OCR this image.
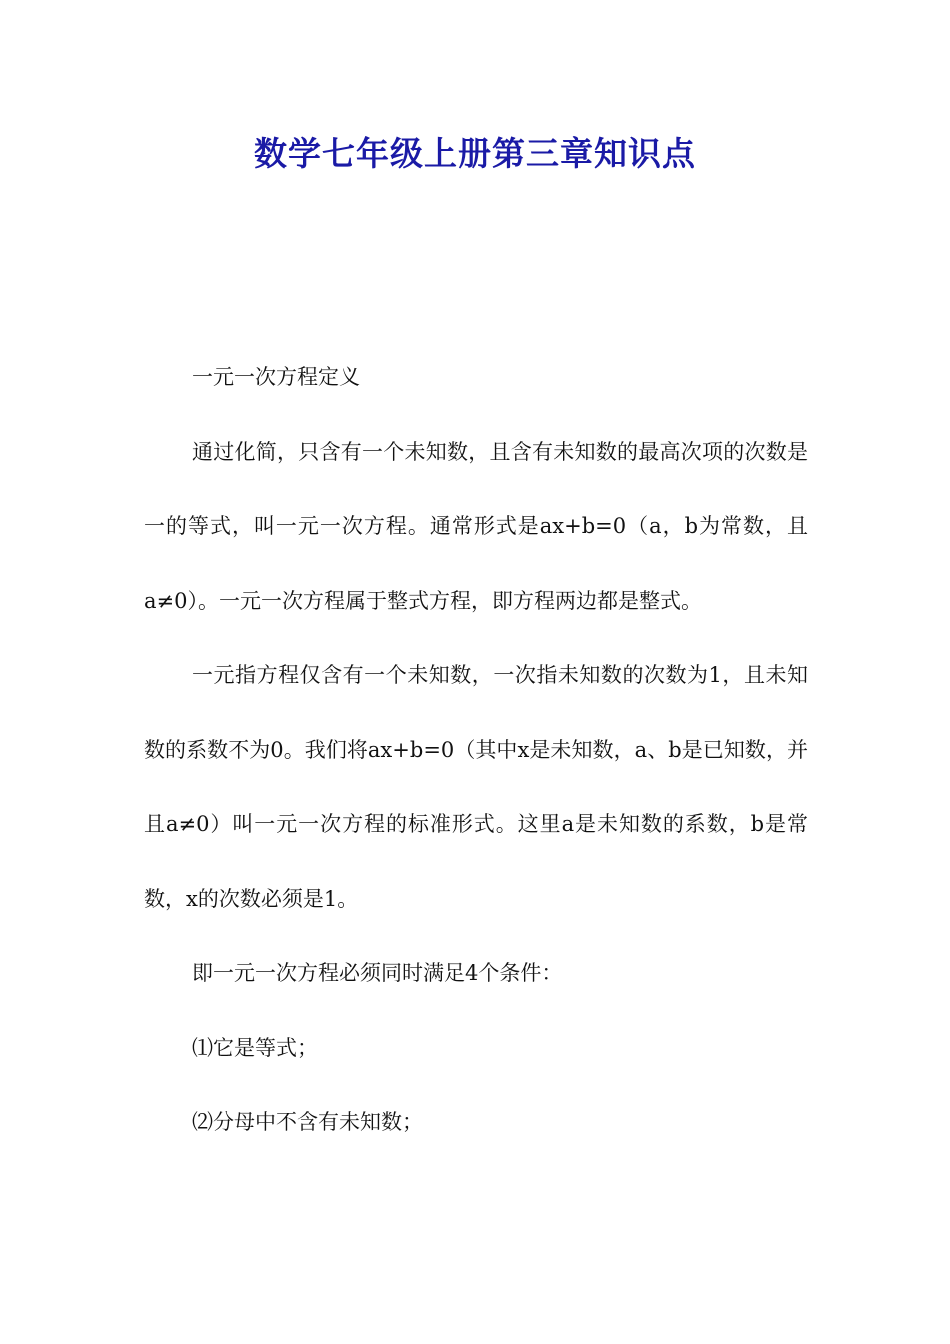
数学七年级上册第三章知识点

一元一次方程定义

通过化简，只含有一个未知数，且含有未知数的最高次项的次数是一的等式，叫一元一次方程。通常形式是ax+b=0（a，b为常数，且a≠0）。一元一次方程属于整式方程，即方程两边都是整式。

一元指方程仅含有一个未知数，一次指未知数的次数为1，且未知数的系数不为0。我们将ax+b=0（其中x是未知数，a、b是已知数，并且a≠0）叫一元一次方程的标准形式。这里a是未知数的系数，b是常数，x的次数必须是1。

即一元一次方程必须同时满足4个条件：

⑴它是等式；

⑵分母中不含有未知数；
